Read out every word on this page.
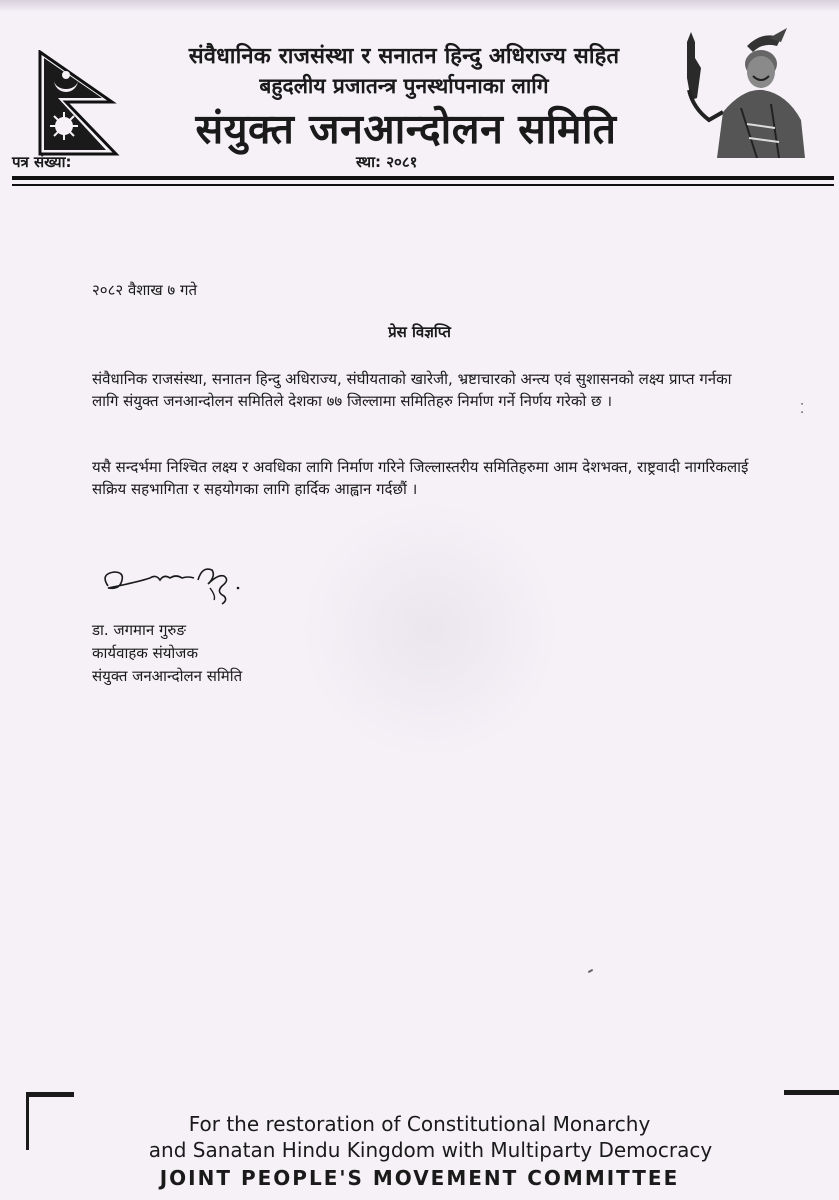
संवैधानिक राजसंस्था र सनातन हिन्दु अधिराज्य सहित
बहुदलीय प्रजातन्त्र पुनर्स्थापनाका लागि
संयुक्त जनआन्दोलन समिति
पत्र संख्या:	स्था: २०८१
२०८२ वैशाख ७ गते
प्रेस विज्ञप्ति
संवैधानिक राजसंस्था, सनातन हिन्दु अधिराज्य, संघीयताको खारेजी, भ्रष्टाचारको अन्त्य एवं सुशासनको लक्ष्य प्राप्त गर्नका लागि संयुक्त जनआन्दोलन समितिले देशका ७७ जिल्लामा समितिहरु निर्माण गर्ने निर्णय गरेको छ ।
यसै सन्दर्भमा निश्चित लक्ष्य र अवधिका लागि निर्माण गरिने जिल्लास्तरीय समितिहरुमा आम देशभक्त, राष्ट्रवादी नागरिकलाई सक्रिय सहभागिता र सहयोगका लागि हार्दिक आह्वान गर्दछौं ।
⁚
डा. जगमान गुरुङ
कार्यवाहक संयोजक
संयुक्त जनआन्दोलन समिति
For the restoration of Constitutional Monarchy
and Sanatan Hindu Kingdom with Multiparty Democracy
JOINT PEOPLE'S MOVEMENT COMMITTEE
